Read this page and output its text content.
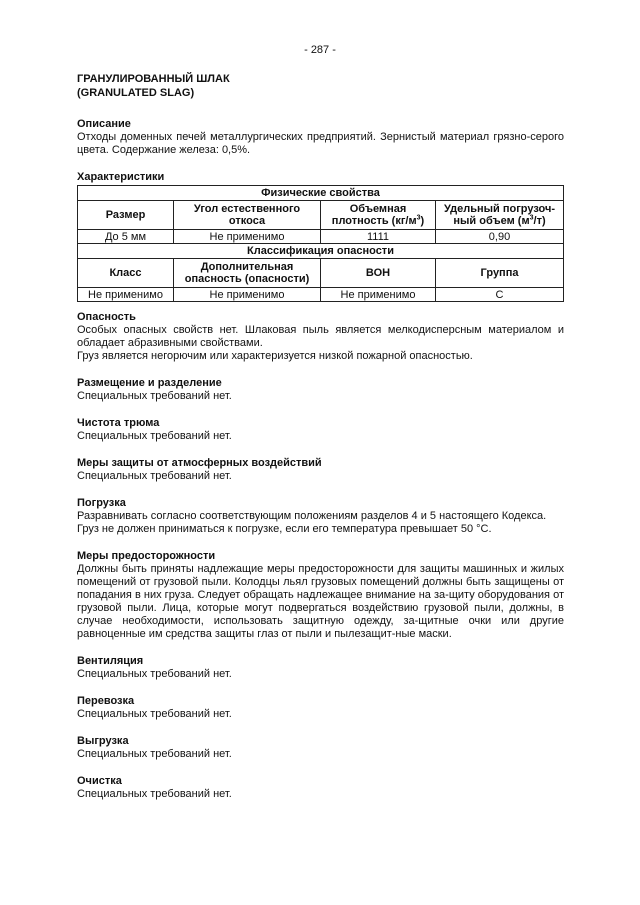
- 287 -

ГРАНУЛИРОВАННЫЙ ШЛАК

(GRANULATED SLAG)

Описание

Отходы доменных печей металлургических предприятий. Зернистый материал грязно-серого цвета. Содержание железа: 0,5%.

Характеристики

Физические свойства			
Размер	Угол естественного откоса	Объемная плотность $(кг/м^3)$	Удельный погрузоч-ный объем $(м^3/т)$
До 5 мм	Не применимо	1111	0,90
Классификация опасности			
Класс	Дополнительная опасность (опасности)	ВОН	Группа
Не применимо	Не применимо	Не применимо	С

Опасность

Особых опасных свойств нет. Шлаковая пыль является мелкодисперсным материалом и обладает абразивными свойствами.

Груз является негорючим или характеризуется низкой пожарной опасностью.

Размещение и разделение

Специальных требований нет.

Чистота трюма

Специальных требований нет.

Меры защиты от атмосферных воздействий

Специальных требований нет.

Погрузка

Разравнивать согласно соответствующим положениям разделов 4 и 5 настоящего Кодекса.

Груз не должен приниматься к погрузке, если его температура превышает 50 °С.

Меры предосторожности

Должны быть приняты надлежащие меры предосторожности для защиты машинных и жилых помещений от грузовой пыли. Колодцы льял грузовых помещений должны быть защищены от попадания в них груза. Следует обращать надлежащее внимание на за-щиту оборудования от грузовой пыли. Лица, которые могут подвергаться воздействию грузовой пыли, должны, в случае необходимости, использовать защитную одежду, за-щитные очки или другие равноценные им средства защиты глаз от пыли и пылезащит-ные маски.

Вентиляция

Специальных требований нет.

Перевозка

Специальных требований нет.

Выгрузка

Специальных требований нет.

Очистка

Специальных требований нет.
